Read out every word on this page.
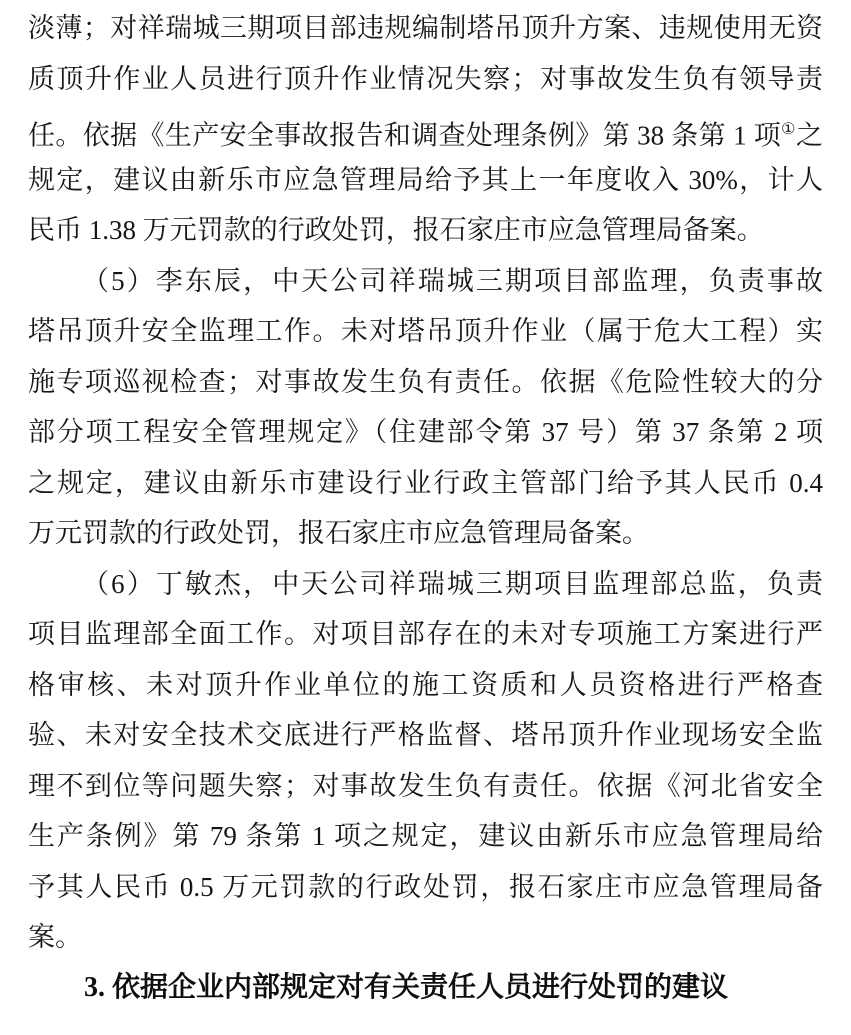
淡薄；对祥瑞城三期项目部违规编制塔吊顶升方案、违规使用无资
质顶升作业人员进行顶升作业情况失察；对事故发生负有领导责
任。依据《生产安全事故报告和调查处理条例》第 38 条第 1 项①之
规定，建议由新乐市应急管理局给予其上一年度收入 30%，计人
民币 1.38 万元罚款的行政处罚，报石家庄市应急管理局备案。
（5）李东辰，中天公司祥瑞城三期项目部监理，负责事故
塔吊顶升安全监理工作。未对塔吊顶升作业（属于危大工程）实
施专项巡视检查；对事故发生负有责任。依据《危险性较大的分
部分项工程安全管理规定》（住建部令第 37 号）第 37 条第 2 项
之规定，建议由新乐市建设行业行政主管部门给予其人民币 0.4
万元罚款的行政处罚，报石家庄市应急管理局备案。
（6）丁敏杰，中天公司祥瑞城三期项目监理部总监，负责
项目监理部全面工作。对项目部存在的未对专项施工方案进行严
格审核、未对顶升作业单位的施工资质和人员资格进行严格查
验、未对安全技术交底进行严格监督、塔吊顶升作业现场安全监
理不到位等问题失察；对事故发生负有责任。依据《河北省安全
生产条例》第 79 条第 1 项之规定，建议由新乐市应急管理局给
予其人民币 0.5 万元罚款的行政处罚，报石家庄市应急管理局备
案。
3. 依据企业内部规定对有关责任人员进行处罚的建议
